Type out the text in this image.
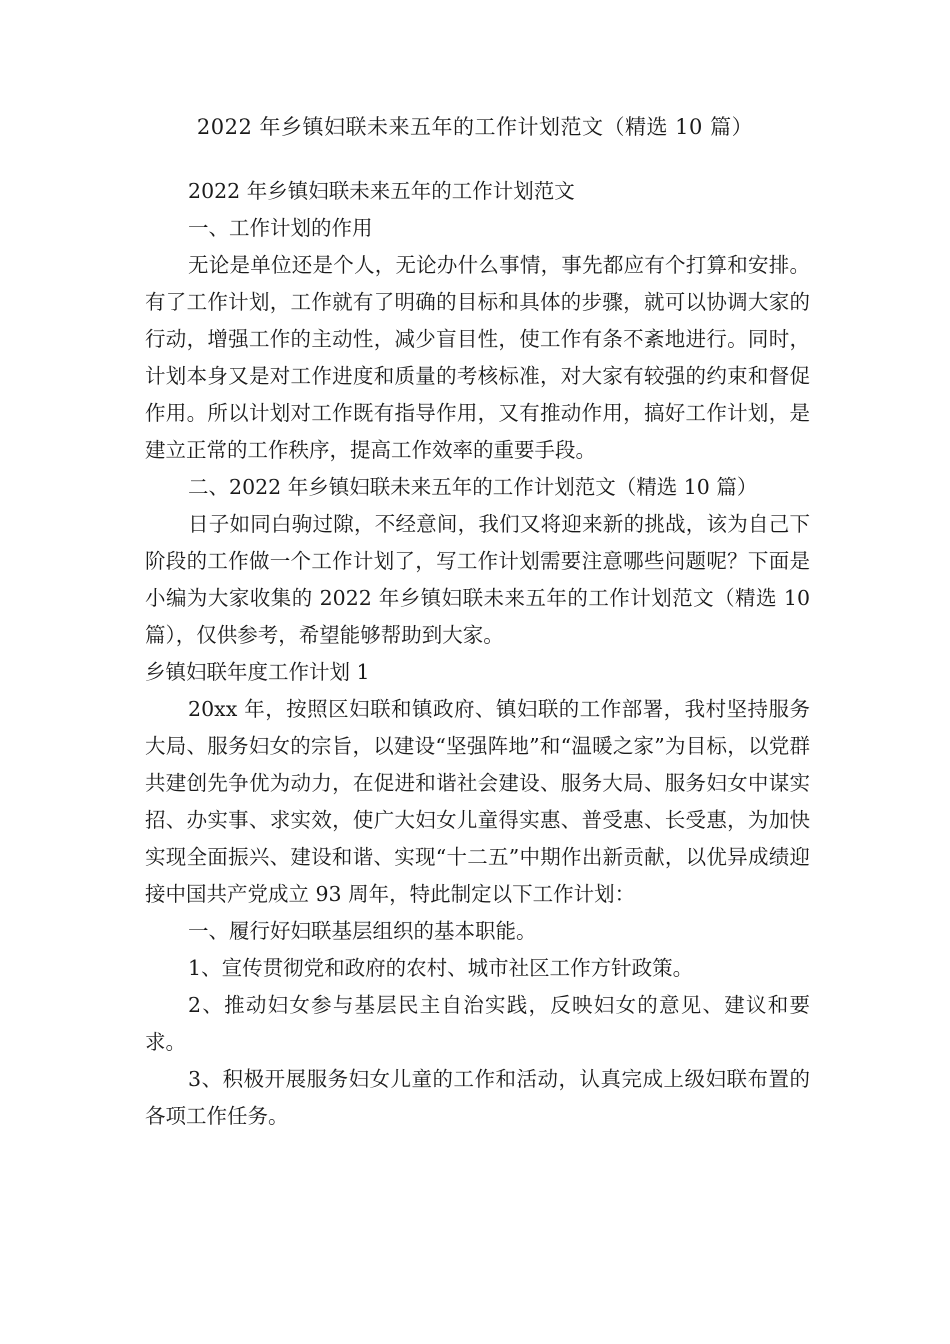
2022 年乡镇妇联未来五年的工作计划范文（精选 10 篇）

2022 年乡镇妇联未来五年的工作计划范文

一、工作计划的作用

无论是单位还是个人，无论办什么事情，事先都应有个打算和安排。有了工作计划，工作就有了明确的目标和具体的步骤，就可以协调大家的行动，增强工作的主动性，减少盲目性，使工作有条不紊地进行。同时，计划本身又是对工作进度和质量的考核标准，对大家有较强的约束和督促作用。所以计划对工作既有指导作用，又有推动作用，搞好工作计划，是建立正常的工作秩序，提高工作效率的重要手段。

二、2022 年乡镇妇联未来五年的工作计划范文（精选 10 篇）

日子如同白驹过隙，不经意间，我们又将迎来新的挑战，该为自己下阶段的工作做一个工作计划了，写工作计划需要注意哪些问题呢？下面是小编为大家收集的 2022 年乡镇妇联未来五年的工作计划范文（精选 10 篇），仅供参考，希望能够帮助到大家。

乡镇妇联年度工作计划 1

20xx 年，按照区妇联和镇政府、镇妇联的工作部署，我村坚持服务大局、服务妇女的宗旨，以建设“坚强阵地”和“温暖之家”为目标，以党群共建创先争优为动力，在促进和谐社会建设、服务大局、服务妇女中谋实招、办实事、求实效，使广大妇女儿童得实惠、普受惠、长受惠，为加快实现全面振兴、建设和谐、实现“十二五”中期作出新贡献，以优异成绩迎接中国共产党成立 93 周年，特此制定以下工作计划：

一、履行好妇联基层组织的基本职能。

1、宣传贯彻党和政府的农村、城市社区工作方针政策。

2、推动妇女参与基层民主自治实践，反映妇女的意见、建议和要求。

3、积极开展服务妇女儿童的工作和活动，认真完成上级妇联布置的各项工作任务。
